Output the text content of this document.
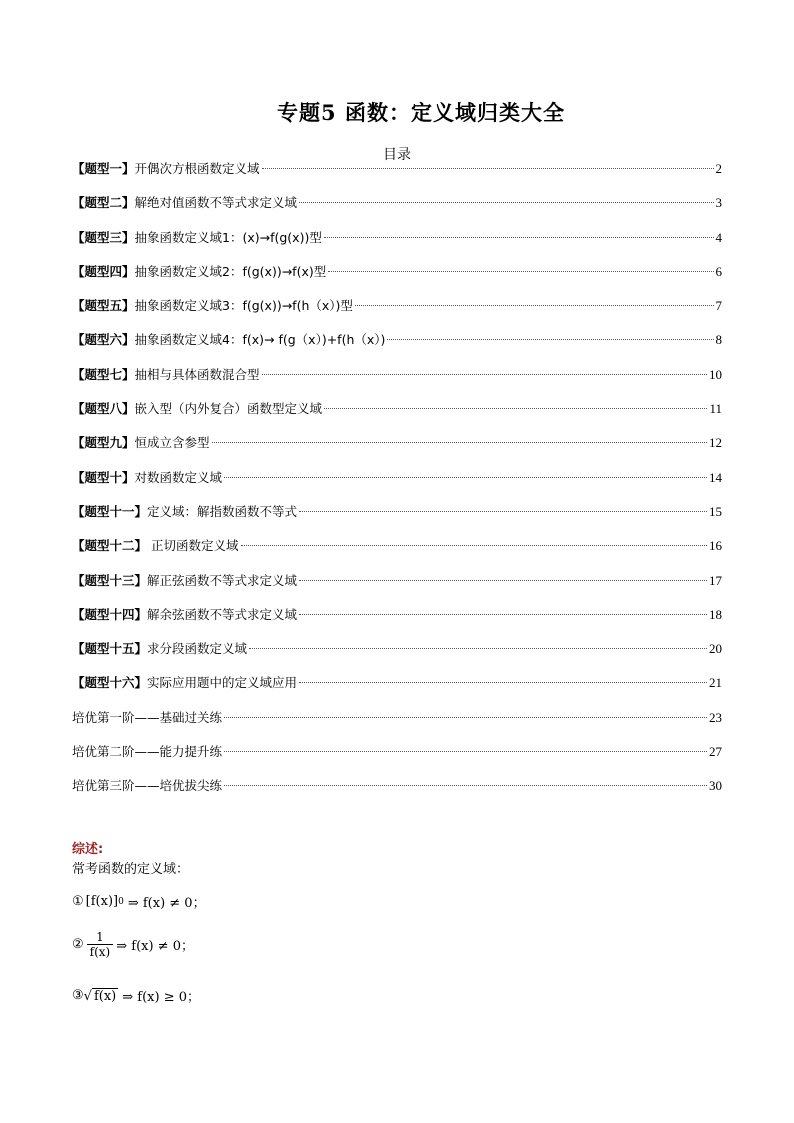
专题5 函数：定义域归类大全
目录
【题型一】开偶次方根函数定义域	2
【题型二】解绝对值函数不等式求定义域	3
【题型三】抽象函数定义域1：(x)→f(g(x))型	4
【题型四】抽象函数定义域2：f(g(x))→f(x)型	6
【题型五】抽象函数定义域3：f(g(x))→f(h（x）)型	7
【题型六】抽象函数定义域4：f(x)→ f(g（x）)+f(h（x）)	8
【题型七】抽相与具体函数混合型	10
【题型八】嵌入型（内外复合）函数型定义域	11
【题型九】恒成立含参型	12
【题型十】对数函数定义域	14
【题型十一】定义域：解指数函数不等式	15
【题型十二】 正切函数定义域	16
【题型十三】解正弦函数不等式求定义域	17
【题型十四】解余弦函数不等式求定义域	18
【题型十五】求分段函数定义域	20
【题型十六】实际应用题中的定义域应用	21
培优第一阶——基础过关练	23
培优第二阶——能力提升练	27
培优第三阶——培优拔尖练	30
综述:
常考函数的定义域：
① [f(x)] 0 ⇒ f(x) ≠ 0；
② $\frac{1}{f(x)}$ ⇒ f(x) ≠ 0；
③ √ f(x) ⇒ f(x) ≥ 0；
